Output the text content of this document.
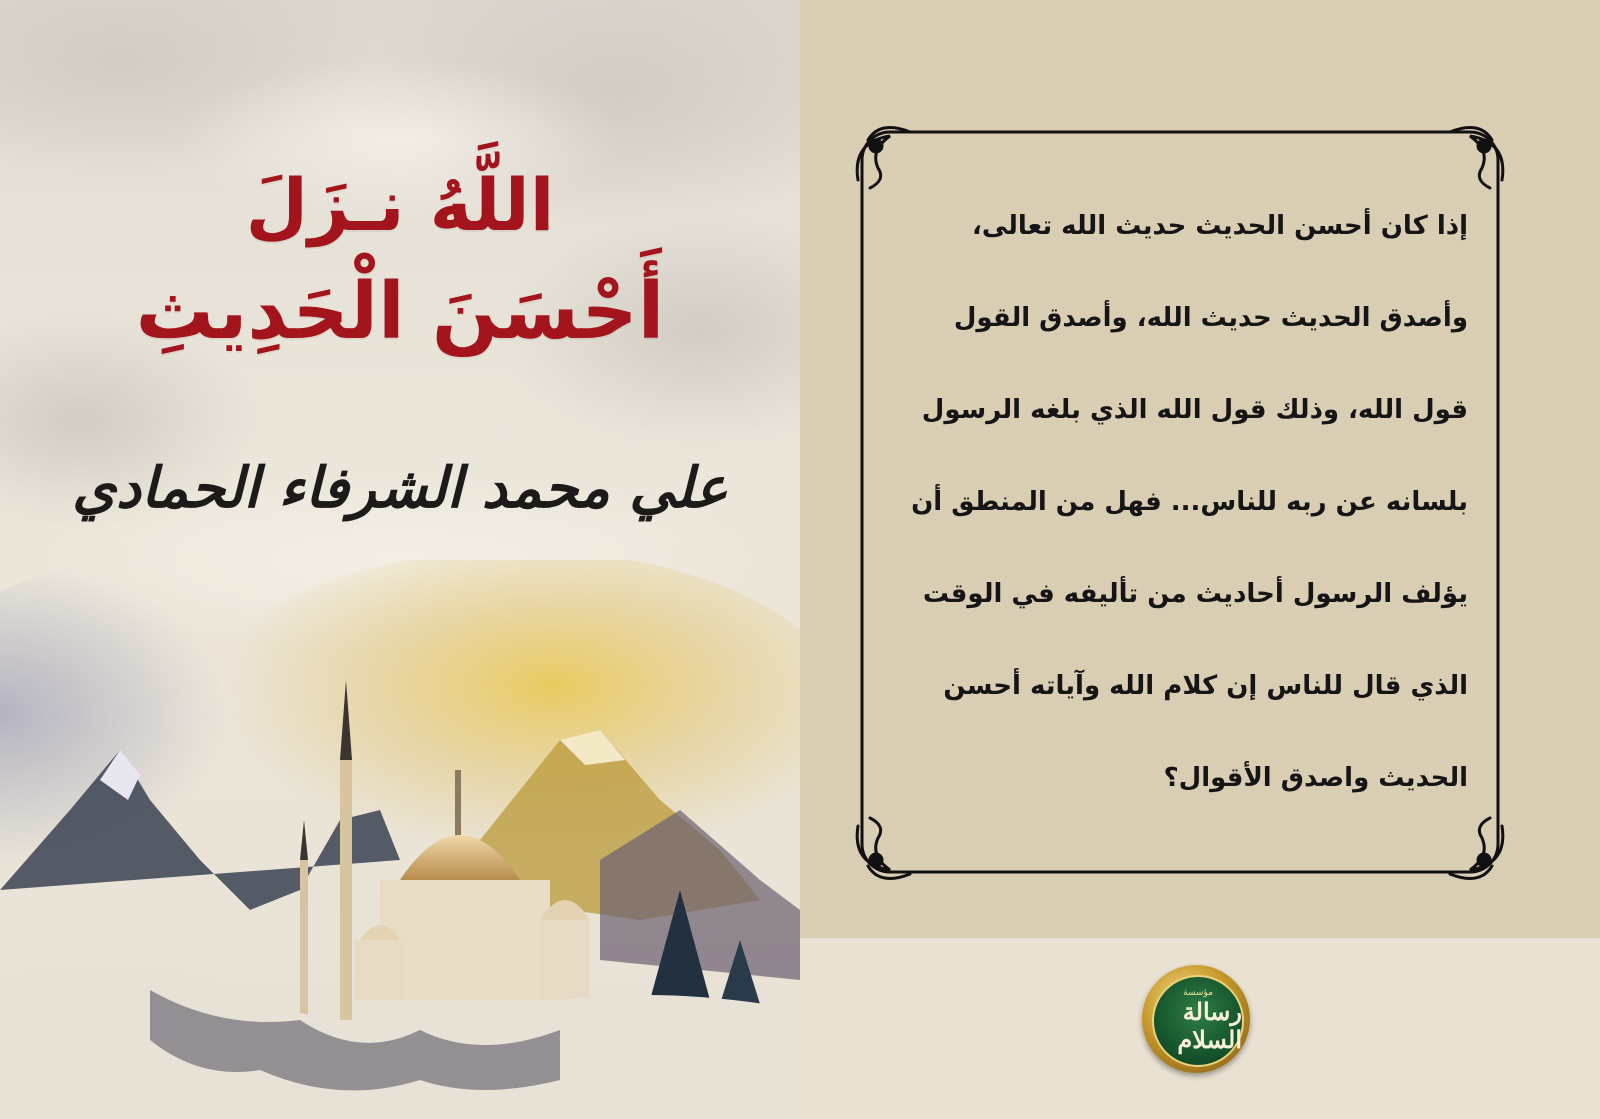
اللَّهُ نـزَلَ
أَحْسَنَ الْحَدِيثِ
علي محمد الشرفاء الحمادي
إذا كان أحسن الحديث حديث الله تعالى،
وأصدق الحديث حديث الله، وأصدق القول
قول الله، وذلك قول الله الذي بلغه الرسول
بلسانه عن ربه للناس... فهل من المنطق أن
يؤلف الرسول أحاديث من تأليفه في الوقت
الذي قال للناس إن كلام الله وآياته أحسن
الحديث واصدق الأقوال؟
مؤسسة
رسالة السلام
